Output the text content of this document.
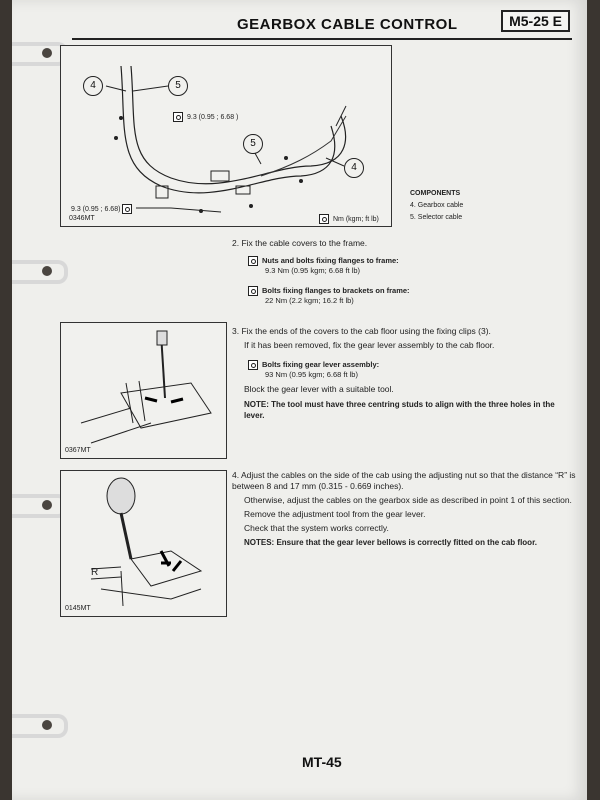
GEARBOX CABLE CONTROL	M5-25 E
4	5
5
4
9.3 (0.95 ; 6.68 )
9.3 (0.95 ; 6.68)
Nm (kgm; ft lb)
0346MT
COMPONENTS
4. Gearbox cable
5. Selector cable
2. Fix the cable covers to the frame.
Nuts and bolts fixing flanges to frame:
9.3 Nm (0.95 kgm; 6.68 ft lb)
Bolts fixing flanges to brackets on frame:
22 Nm (2.2 kgm; 16.2 ft lb)
0367MT
3. Fix the ends of the covers to the cab floor using the fixing clips (3).
If it has been removed, fix the gear lever assembly to the cab floor.
Bolts fixing gear lever assembly:
93 Nm (0.95 kgm; 6.68 ft lb)
Block the gear lever with a suitable tool.
NOTE: The tool must have three centring studs to align with the three holes in the lever.
R
0145MT
4. Adjust the cables on the side of the cab using the adjusting nut so that the distance “R” is between 8 and 17 mm (0.315 - 0.669 inches).
Otherwise, adjust the cables on the gearbox side as described in point 1 of this section.
Remove the adjustment tool from the gear lever.
Check that the system works correctly.
NOTES: Ensure that the gear lever bellows is correctly fitted on the cab floor.
MT-45
